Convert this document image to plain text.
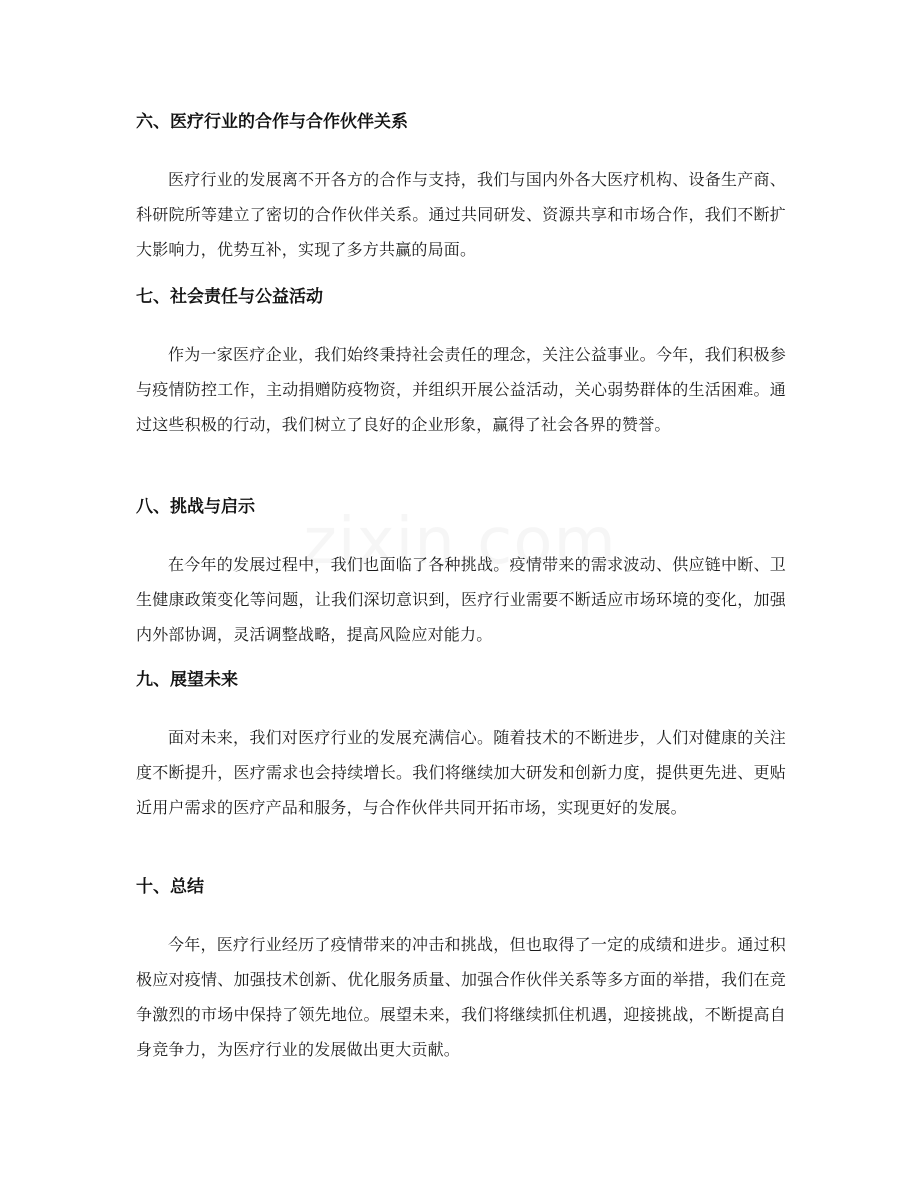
六、医疗行业的合作与合作伙伴关系

医疗行业的发展离不开各方的合作与支持，我们与国内外各大医疗机构、设备生产商、科研院所等建立了密切的合作伙伴关系。通过共同研发、资源共享和市场合作，我们不断扩大影响力，优势互补，实现了多方共赢的局面。

七、社会责任与公益活动

作为一家医疗企业，我们始终秉持社会责任的理念，关注公益事业。今年，我们积极参与疫情防控工作，主动捐赠防疫物资，并组织开展公益活动，关心弱势群体的生活困难。通过这些积极的行动，我们树立了良好的企业形象，赢得了社会各界的赞誉。

八、挑战与启示

在今年的发展过程中，我们也面临了各种挑战。疫情带来的需求波动、供应链中断、卫生健康政策变化等问题，让我们深切意识到，医疗行业需要不断适应市场环境的变化，加强内外部协调，灵活调整战略，提高风险应对能力。

九、展望未来

面对未来，我们对医疗行业的发展充满信心。随着技术的不断进步，人们对健康的关注度不断提升，医疗需求也会持续增长。我们将继续加大研发和创新力度，提供更先进、更贴近用户需求的医疗产品和服务，与合作伙伴共同开拓市场，实现更好的发展。

十、总结

今年，医疗行业经历了疫情带来的冲击和挑战，但也取得了一定的成绩和进步。通过积极应对疫情、加强技术创新、优化服务质量、加强合作伙伴关系等多方面的举措，我们在竞争激烈的市场中保持了领先地位。展望未来，我们将继续抓住机遇，迎接挑战，不断提高自身竞争力，为医疗行业的发展做出更大贡献。
